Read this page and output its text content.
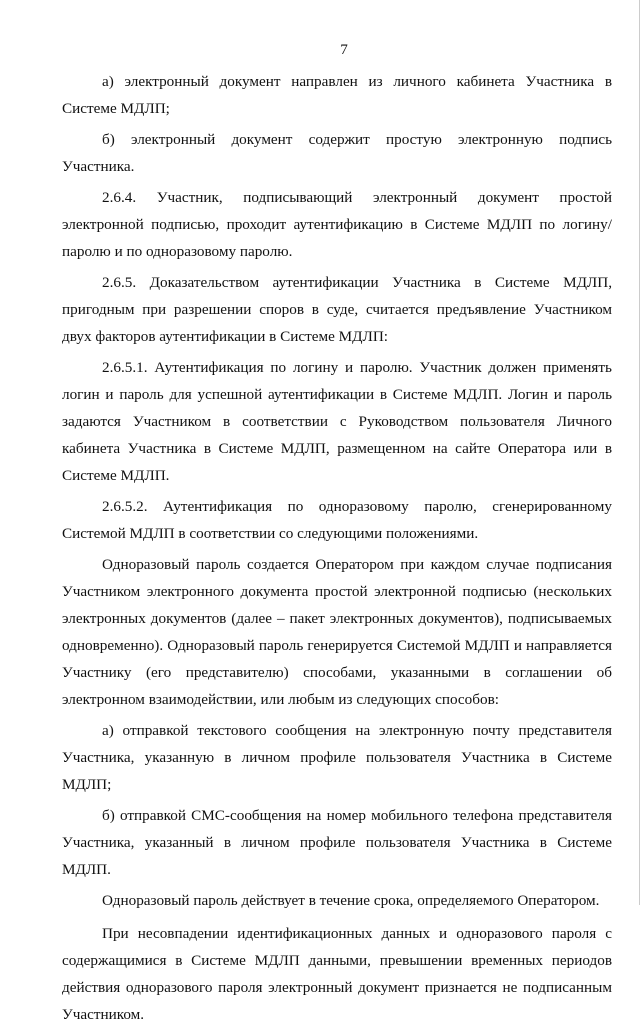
7

а) электронный документ направлен из личного кабинета Участника в Системе МДЛП;

б) электронный документ содержит простую электронную подпись Участника.

2.6.4. Участник, подписывающий электронный документ простой электронной подписью, проходит аутентификацию в Системе МДЛП по логину/паролю и по одноразовому паролю.

2.6.5. Доказательством аутентификации Участника в Системе МДЛП, пригодным при разрешении споров в суде, считается предъявление Участником двух факторов аутентификации в Системе МДЛП:

2.6.5.1. Аутентификация по логину и паролю. Участник должен применять логин и пароль для успешной аутентификации в Системе МДЛП. Логин и пароль задаются Участником в соответствии с Руководством пользователя Личного кабинета Участника в Системе МДЛП, размещенном на сайте Оператора или в Системе МДЛП.

2.6.5.2. Аутентификация по одноразовому паролю, сгенерированному Системой МДЛП в соответствии со следующими положениями.

Одноразовый пароль создается Оператором при каждом случае подписания Участником электронного документа простой электронной подписью (нескольких электронных документов (далее – пакет электронных документов), подписываемых одновременно). Одноразовый пароль генерируется Системой МДЛП и направляется Участнику (его представителю) способами, указанными в соглашении об электронном взаимодействии, или любым из следующих способов:

а) отправкой текстового сообщения на электронную почту представителя Участника, указанную в личном профиле пользователя Участника в Системе МДЛП;

б) отправкой СМС-сообщения на номер мобильного телефона представителя Участника, указанный в личном профиле пользователя Участника в Системе МДЛП.

Одноразовый пароль действует в течение срока, определяемого Оператором.

При несовпадении идентификационных данных и одноразового пароля с содержащимися в Системе МДЛП данными, превышении временных периодов действия одноразового пароля электронный документ признается не подписанным Участником.
